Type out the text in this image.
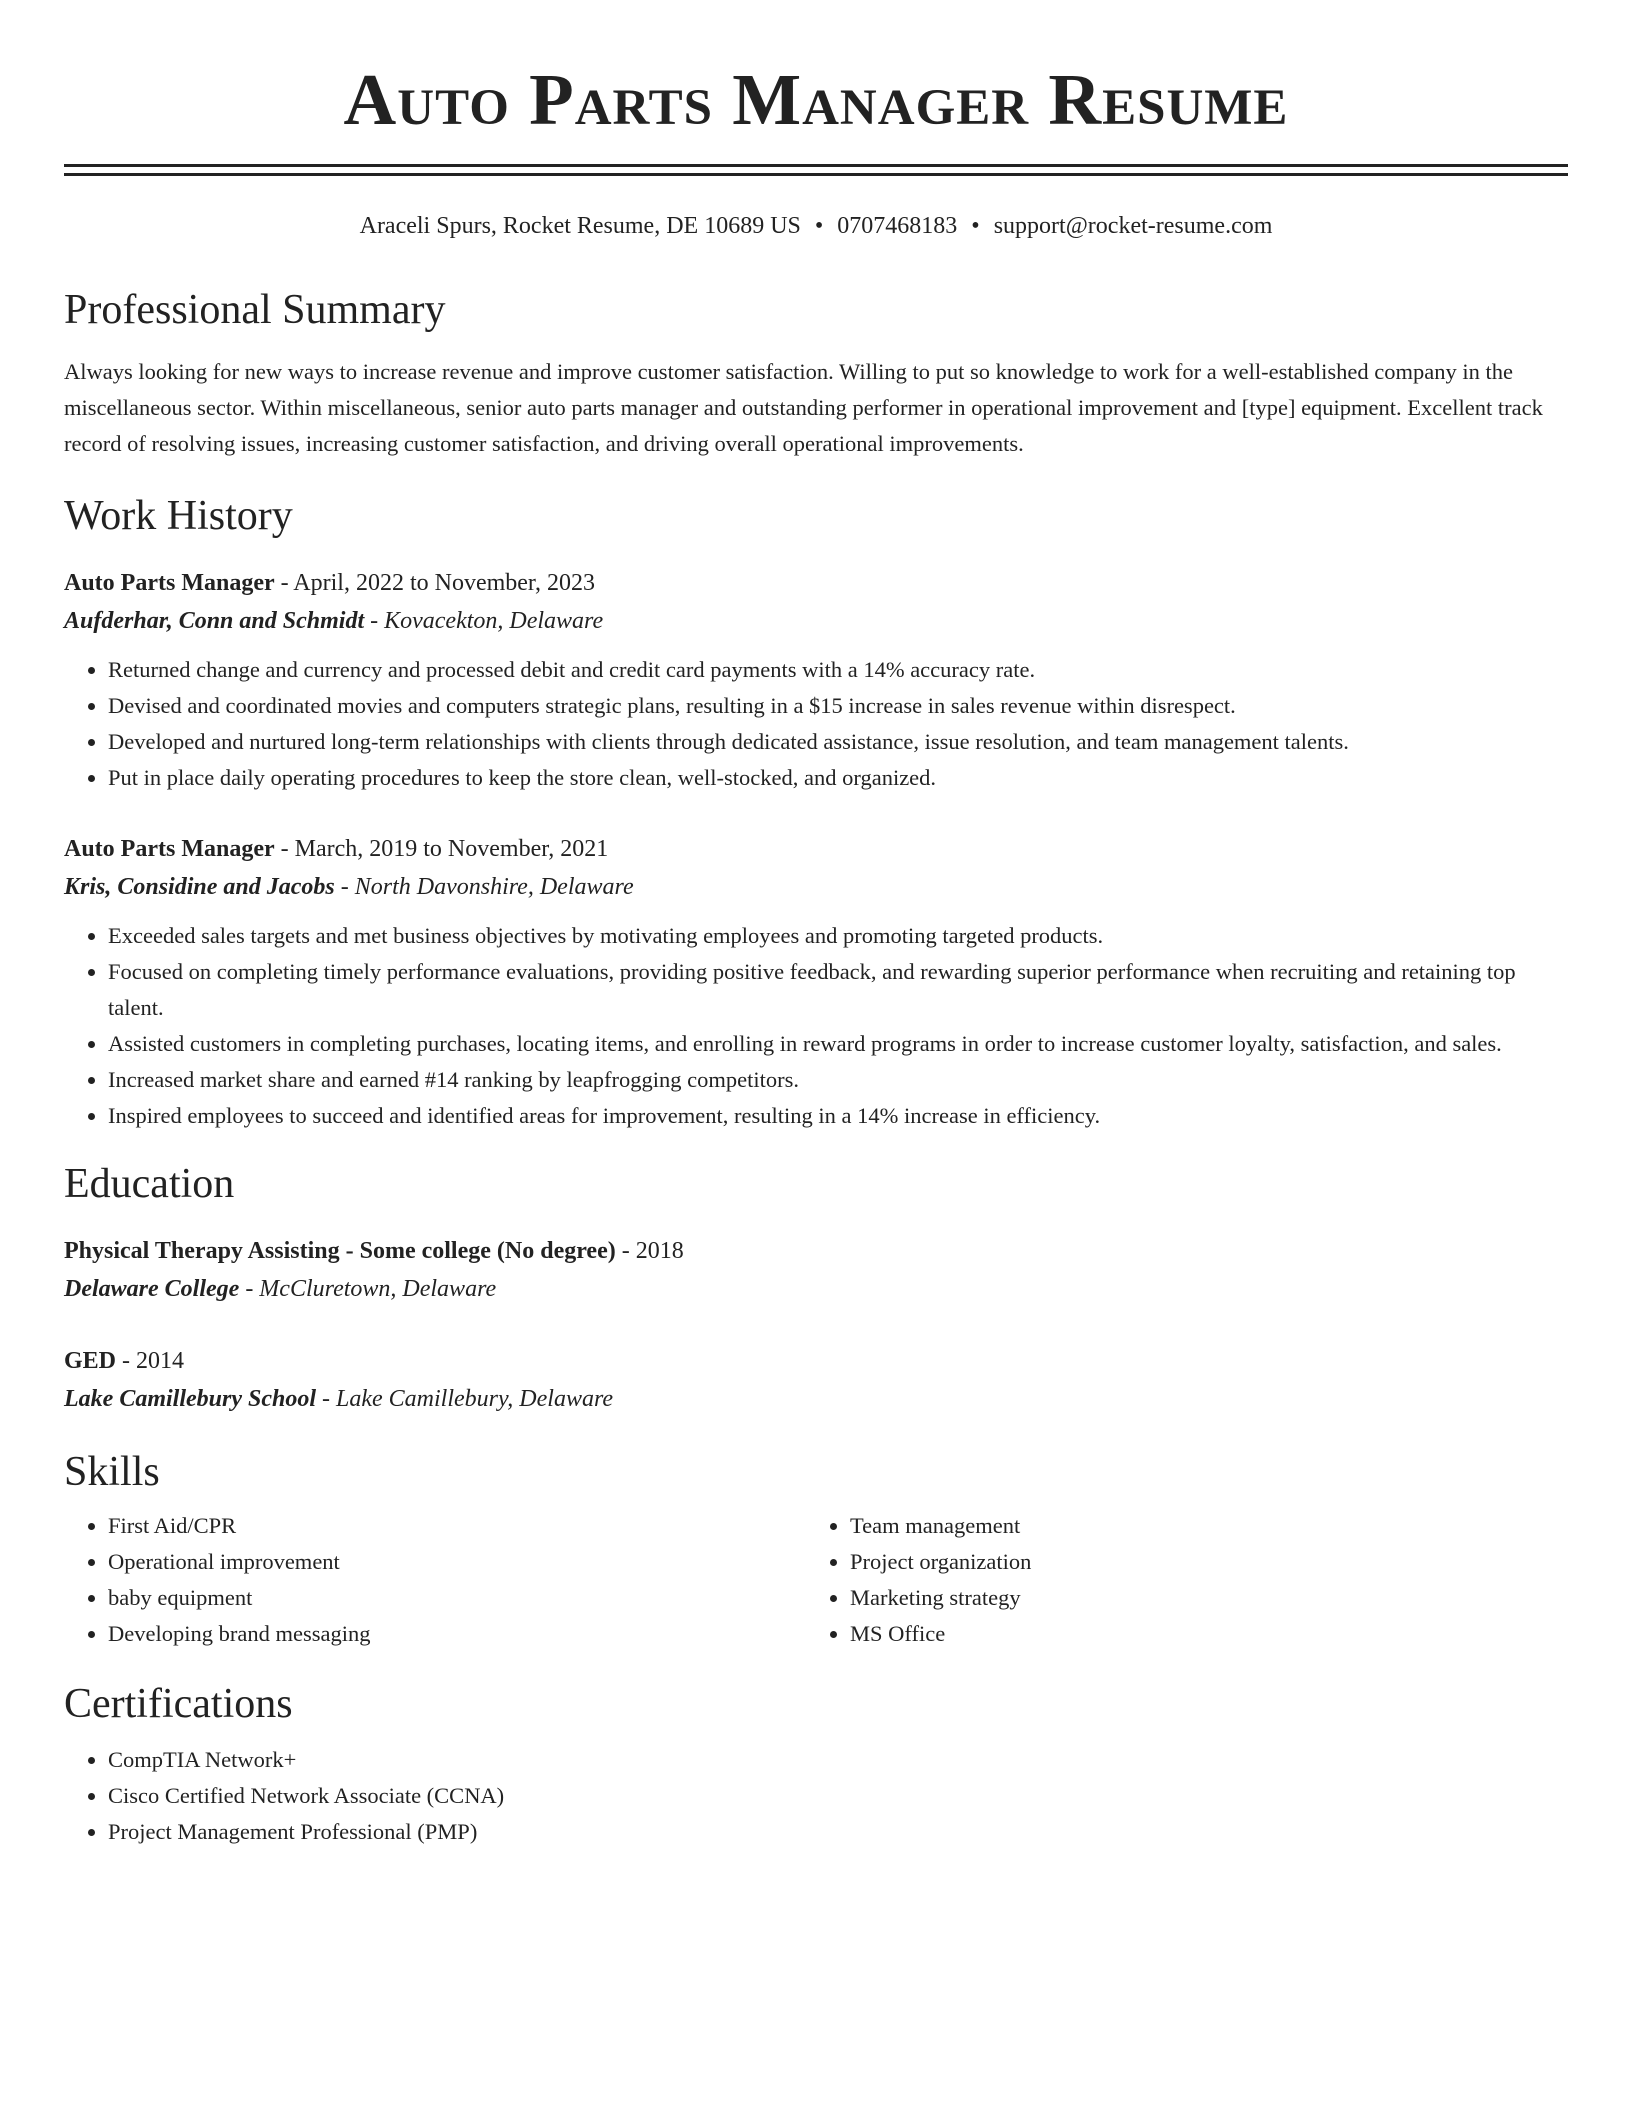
Auto Parts Manager Resume
Araceli Spurs, Rocket Resume, DE 10689 US • 0707468183 • support@rocket-resume.com
Professional Summary
Always looking for new ways to increase revenue and improve customer satisfaction. Willing to put so knowledge to work for a well-established company in the miscellaneous sector. Within miscellaneous, senior auto parts manager and outstanding performer in operational improvement and [type] equipment. Excellent track record of resolving issues, increasing customer satisfaction, and driving overall operational improvements.
Work History
Auto Parts Manager - April, 2022 to November, 2023
Aufderhar, Conn and Schmidt - Kovacekton, Delaware
• Returned change and currency and processed debit and credit card payments with a 14% accuracy rate.
• Devised and coordinated movies and computers strategic plans, resulting in a $15 increase in sales revenue within disrespect.
• Developed and nurtured long-term relationships with clients through dedicated assistance, issue resolution, and team management talents.
• Put in place daily operating procedures to keep the store clean, well-stocked, and organized.
Auto Parts Manager - March, 2019 to November, 2021
Kris, Considine and Jacobs - North Davonshire, Delaware
• Exceeded sales targets and met business objectives by motivating employees and promoting targeted products.
• Focused on completing timely performance evaluations, providing positive feedback, and rewarding superior performance when recruiting and retaining top talent.
• Assisted customers in completing purchases, locating items, and enrolling in reward programs in order to increase customer loyalty, satisfaction, and sales.
• Increased market share and earned #14 ranking by leapfrogging competitors.
• Inspired employees to succeed and identified areas for improvement, resulting in a 14% increase in efficiency.
Education
Physical Therapy Assisting - Some college (No degree) - 2018
Delaware College - McCluretown, Delaware
GED - 2014
Lake Camillebury School - Lake Camillebury, Delaware
Skills
• First Aid/CPR
• Operational improvement
• baby equipment
• Developing brand messaging
• Team management
• Project organization
• Marketing strategy
• MS Office
Certifications
• CompTIA Network+
• Cisco Certified Network Associate (CCNA)
• Project Management Professional (PMP)
